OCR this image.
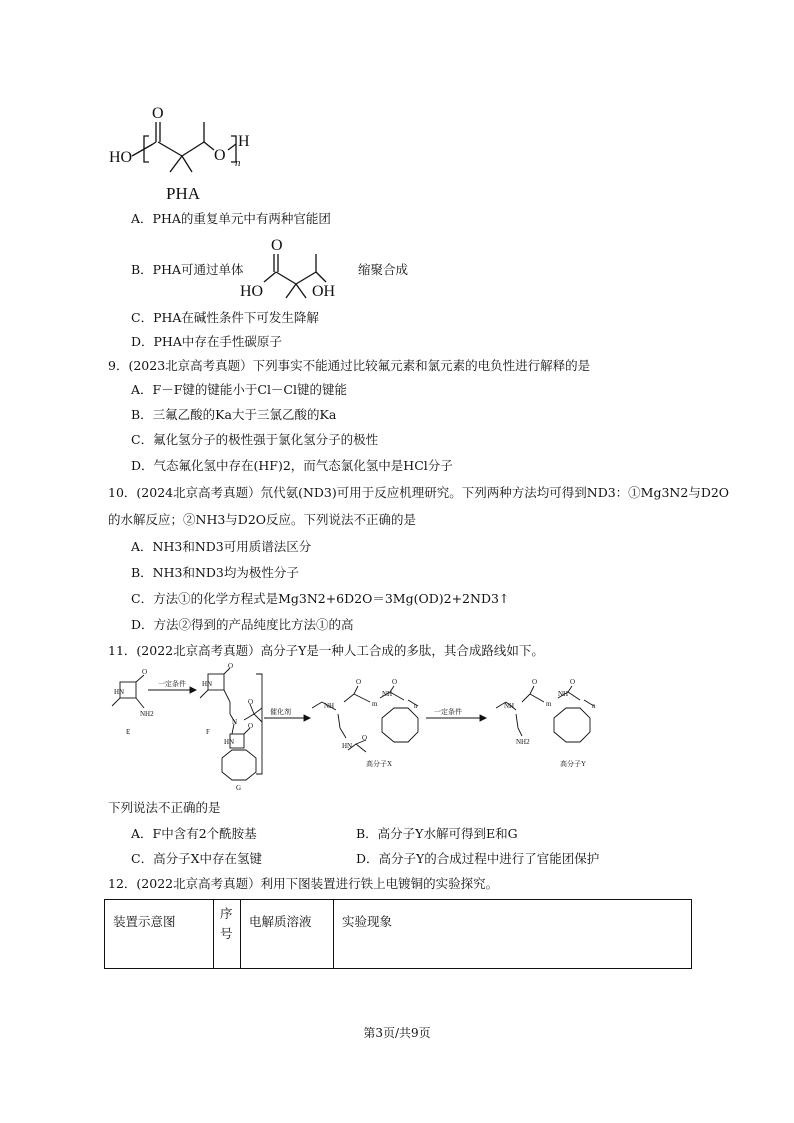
HO
O
O
H
n
PHA
A．PHA的重复单元中有两种官能团
B．PHA可通过单体
O
HO	OH
缩聚合成
C．PHA在碱性条件下可发生降解
D．PHA中存在手性碳原子
9．(2023北京高考真题）下列事实不能通过比较氟元素和氯元素的电负性进行解释的是
A．F－F键的键能小于Cl－Cl键的键能
B．三氟乙酸的Ka大于三氯乙酸的Ka
C．氟化氢分子的极性强于氯化氢分子的极性
D．气态氟化氢中存在(HF)2，而气态氯化氢中是HCl分子
10．(2024北京高考真题）氘代氨(ND3)可用于反应机理研究。下列两种方法均可得到ND3：①Mg3N2与D2O
的水解反应；②NH3与D2O反应。下列说法不正确的是
A．NH3和ND3可用质谱法区分
B．NH3和ND3均为极性分子
C．方法①的化学方程式是Mg3N2+6D2O＝3Mg(OD)2+2ND3↑
D．方法②得到的产品纯度比方法①的高
11．(2022北京高考真题）高分子Y是一种人工合成的多肽，其合成路线如下。
HN
O
NH2
E
一定条件 HN
O
N
O
F
HN
O
G
催化剂
NH
O
m
HN
O
NH
O
n
高分子X
一定条件
NH
O
m
NH2
NH
O
n
高分子Y
下列说法不正确的是
A．F中含有2个酰胺基	B．高分子Y水解可得到E和G
C．高分子X中存在氢键	D．高分子Y的合成过程中进行了官能团保护
12．(2022北京高考真题）利用下图装置进行铁上电镀铜的实验探究。
装置示意图	序号	电解质溶液	实验现象
第3页/共9页
